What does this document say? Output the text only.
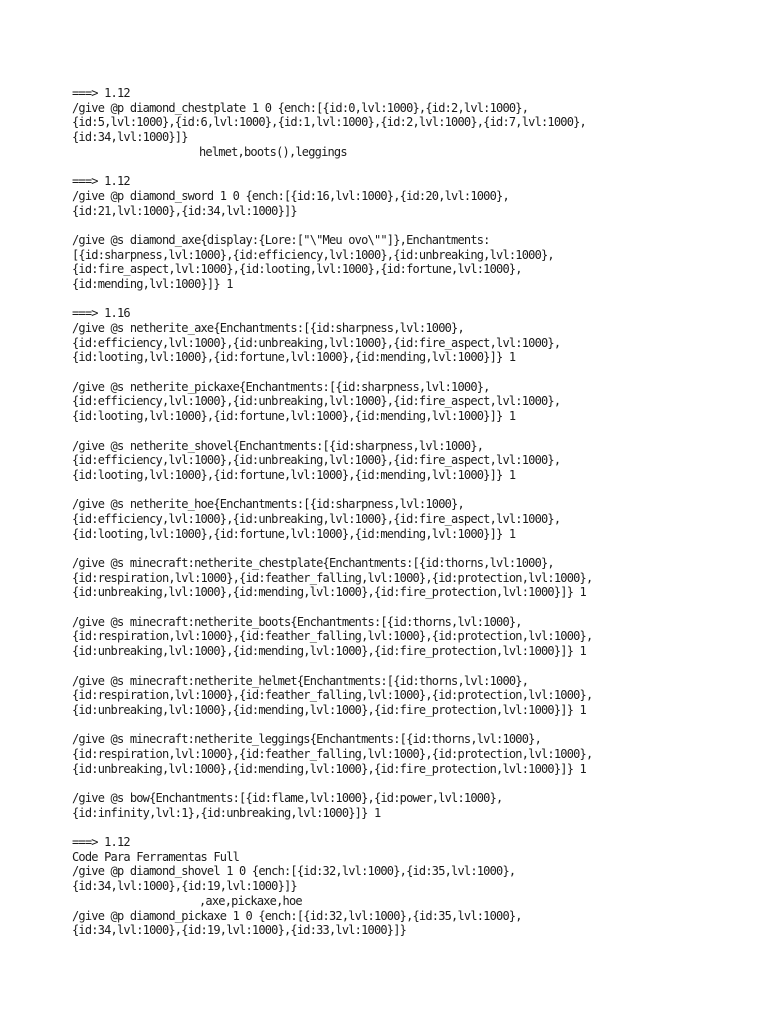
===> 1.12
/give @p diamond_chestplate 1 0 {ench:[{id:0,lvl:1000},{id:2,lvl:1000},
{id:5,lvl:1000},{id:6,lvl:1000},{id:1,lvl:1000},{id:2,lvl:1000},{id:7,lvl:1000},
{id:34,lvl:1000}]}
helmet,boots(),leggings
===> 1.12
/give @p diamond_sword 1 0 {ench:[{id:16,lvl:1000},{id:20,lvl:1000},
{id:21,lvl:1000},{id:34,lvl:1000}]}
/give @s diamond_axe{display:{Lore:["\"Meu ovo\""]},Enchantments:
[{id:sharpness,lvl:1000},{id:efficiency,lvl:1000},{id:unbreaking,lvl:1000},
{id:fire_aspect,lvl:1000},{id:looting,lvl:1000},{id:fortune,lvl:1000},
{id:mending,lvl:1000}]} 1
===> 1.16
/give @s netherite_axe{Enchantments:[{id:sharpness,lvl:1000},
{id:efficiency,lvl:1000},{id:unbreaking,lvl:1000},{id:fire_aspect,lvl:1000},
{id:looting,lvl:1000},{id:fortune,lvl:1000},{id:mending,lvl:1000}]} 1
/give @s netherite_pickaxe{Enchantments:[{id:sharpness,lvl:1000},
{id:efficiency,lvl:1000},{id:unbreaking,lvl:1000},{id:fire_aspect,lvl:1000},
{id:looting,lvl:1000},{id:fortune,lvl:1000},{id:mending,lvl:1000}]} 1
/give @s netherite_shovel{Enchantments:[{id:sharpness,lvl:1000},
{id:efficiency,lvl:1000},{id:unbreaking,lvl:1000},{id:fire_aspect,lvl:1000},
{id:looting,lvl:1000},{id:fortune,lvl:1000},{id:mending,lvl:1000}]} 1
/give @s netherite_hoe{Enchantments:[{id:sharpness,lvl:1000},
{id:efficiency,lvl:1000},{id:unbreaking,lvl:1000},{id:fire_aspect,lvl:1000},
{id:looting,lvl:1000},{id:fortune,lvl:1000},{id:mending,lvl:1000}]} 1
/give @s minecraft:netherite_chestplate{Enchantments:[{id:thorns,lvl:1000},
{id:respiration,lvl:1000},{id:feather_falling,lvl:1000},{id:protection,lvl:1000},
{id:unbreaking,lvl:1000},{id:mending,lvl:1000},{id:fire_protection,lvl:1000}]} 1
/give @s minecraft:netherite_boots{Enchantments:[{id:thorns,lvl:1000},
{id:respiration,lvl:1000},{id:feather_falling,lvl:1000},{id:protection,lvl:1000},
{id:unbreaking,lvl:1000},{id:mending,lvl:1000},{id:fire_protection,lvl:1000}]} 1
/give @s minecraft:netherite_helmet{Enchantments:[{id:thorns,lvl:1000},
{id:respiration,lvl:1000},{id:feather_falling,lvl:1000},{id:protection,lvl:1000},
{id:unbreaking,lvl:1000},{id:mending,lvl:1000},{id:fire_protection,lvl:1000}]} 1
/give @s minecraft:netherite_leggings{Enchantments:[{id:thorns,lvl:1000},
{id:respiration,lvl:1000},{id:feather_falling,lvl:1000},{id:protection,lvl:1000},
{id:unbreaking,lvl:1000},{id:mending,lvl:1000},{id:fire_protection,lvl:1000}]} 1
/give @s bow{Enchantments:[{id:flame,lvl:1000},{id:power,lvl:1000},
{id:infinity,lvl:1},{id:unbreaking,lvl:1000}]} 1
===> 1.12
Code Para Ferramentas Full
/give @p diamond_shovel 1 0 {ench:[{id:32,lvl:1000},{id:35,lvl:1000},
{id:34,lvl:1000},{id:19,lvl:1000}]}
,axe,pickaxe,hoe
/give @p diamond_pickaxe 1 0 {ench:[{id:32,lvl:1000},{id:35,lvl:1000},
{id:34,lvl:1000},{id:19,lvl:1000},{id:33,lvl:1000}]}
